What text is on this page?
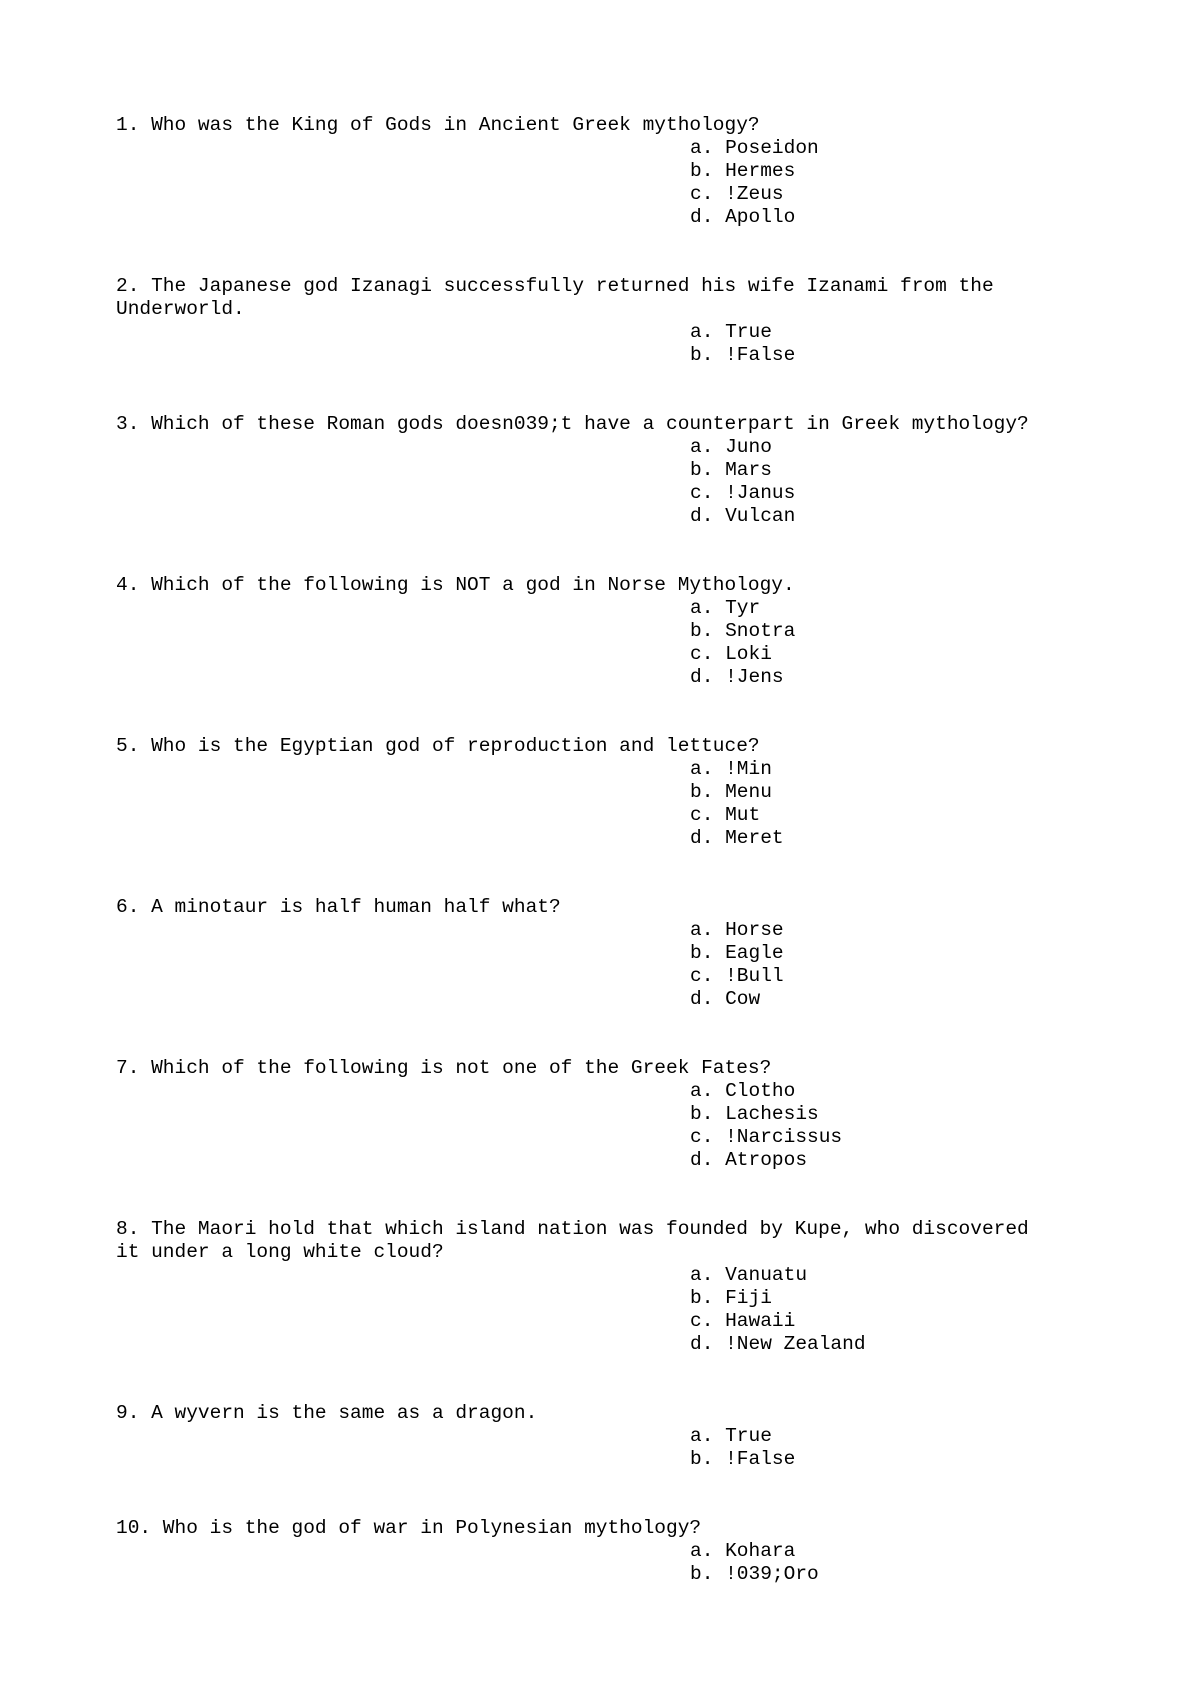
1. Who was the King of Gods in Ancient Greek mythology?

a. Poseidon
b. Hermes
c. !Zeus
d. Apollo

2. The Japanese god Izanagi successfully returned his wife Izanami from the
Underworld.

a. True
b. !False

3. Which of these Roman gods doesn039;t have a counterpart in Greek mythology?

a. Juno
b. Mars
c. !Janus
d. Vulcan

4. Which of the following is NOT a god in Norse Mythology.

a. Tyr
b. Snotra
c. Loki
d. !Jens

5. Who is the Egyptian god of reproduction and lettuce?

a. !Min
b. Menu
c. Mut
d. Meret

6. A minotaur is half human half what?

a. Horse
b. Eagle
c. !Bull
d. Cow

7. Which of the following is not one of the Greek Fates?

a. Clotho
b. Lachesis
c. !Narcissus
d. Atropos

8. The Maori hold that which island nation was founded by Kupe, who discovered
it under a long white cloud?

a. Vanuatu
b. Fiji
c. Hawaii
d. !New Zealand

9. A wyvern is the same as a dragon.

a. True
b. !False

10. Who is the god of war in Polynesian mythology?

a. Kohara
b. !039;Oro
